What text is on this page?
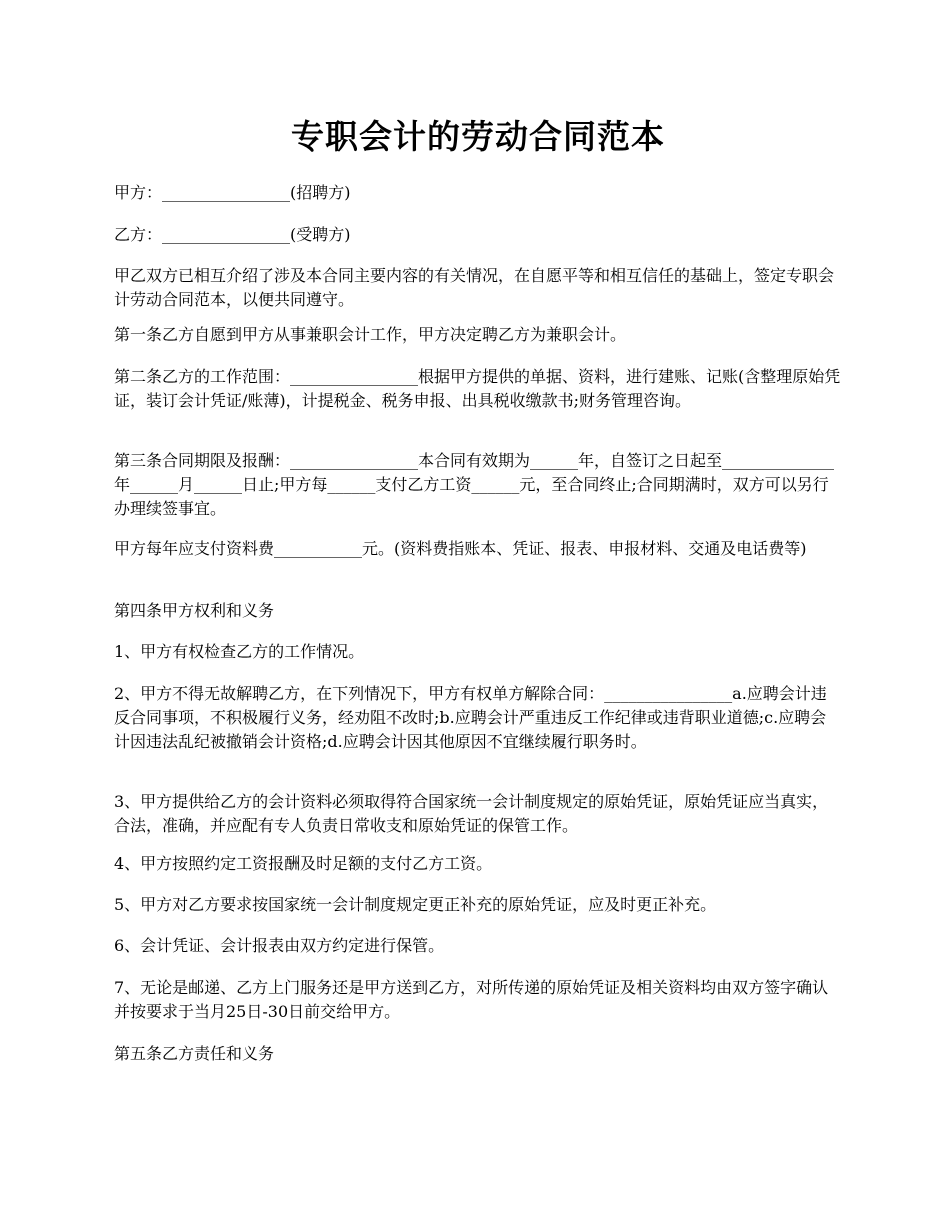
专职会计的劳动合同范本

甲方：________________(招聘方)

乙方：________________(受聘方)

甲乙双方已相互介绍了涉及本合同主要内容的有关情况，在自愿平等和相互信任的基础上，签定专职会计劳动合同范本，以便共同遵守。

第一条乙方自愿到甲方从事兼职会计工作，甲方决定聘乙方为兼职会计。

第二条乙方的工作范围：________________根据甲方提供的单据、资料，进行建账、记账(含整理原始凭证，装订会计凭证/账薄)，计提税金、税务申报、出具税收缴款书;财务管理咨询。

第三条合同期限及报酬：________________本合同有效期为______年，自签订之日起至______________年______月______日止;甲方每______支付乙方工资______元，至合同终止;合同期满时，双方可以另行办理续签事宜。

甲方每年应支付资料费___________元。(资料费指账本、凭证、报表、申报材料、交通及电话费等)

第四条甲方权利和义务

1、甲方有权检查乙方的工作情况。

2、甲方不得无故解聘乙方，在下列情况下，甲方有权单方解除合同：________________a.应聘会计违反合同事项，不积极履行义务，经劝阻不改时;b.应聘会计严重违反工作纪律或违背职业道德;c.应聘会计因违法乱纪被撤销会计资格;d.应聘会计因其他原因不宜继续履行职务时。

3、甲方提供给乙方的会计资料必须取得符合国家统一会计制度规定的原始凭证，原始凭证应当真实，合法，准确，并应配有专人负责日常收支和原始凭证的保管工作。

4、甲方按照约定工资报酬及时足额的支付乙方工资。

5、甲方对乙方要求按国家统一会计制度规定更正补充的原始凭证，应及时更正补充。

6、会计凭证、会计报表由双方约定进行保管。

7、无论是邮递、乙方上门服务还是甲方送到乙方，对所传递的原始凭证及相关资料均由双方签字确认并按要求于当月25日-30日前交给甲方。

第五条乙方责任和义务
